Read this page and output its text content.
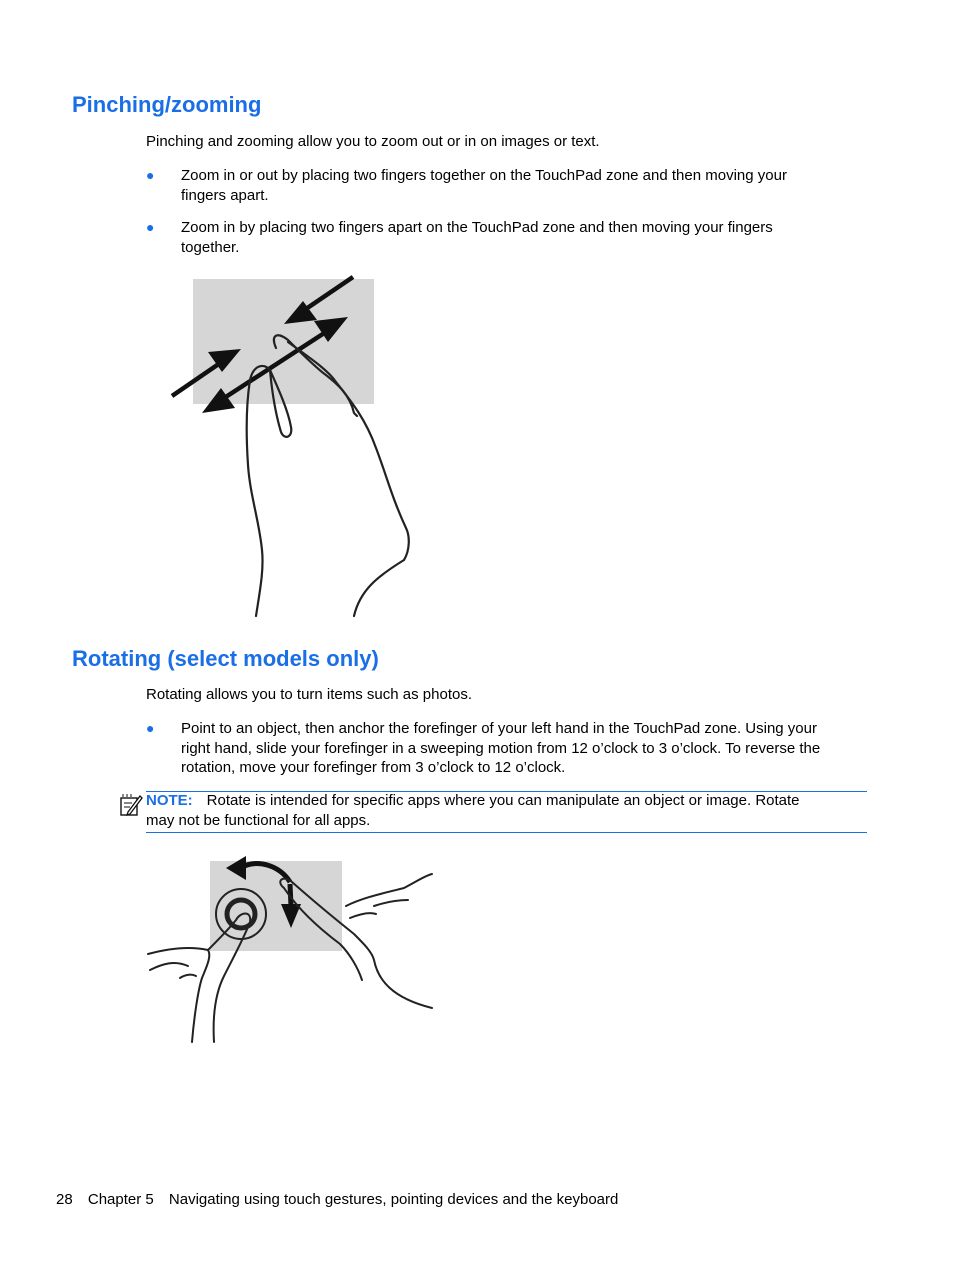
Pinching/zooming

Pinching and zooming allow you to zoom out or in on images or text.

● Zoom in or out by placing two fingers together on the TouchPad zone and then moving your
fingers apart.
● Zoom in by placing two fingers apart on the TouchPad zone and then moving your fingers
together.
Rotating (select models only)

Rotating allows you to turn items such as photos.

● Point to an object, then anchor the forefinger of your left hand in the TouchPad zone. Using your
right hand, slide your forefinger in a sweeping motion from 12 o’clock to 3 o’clock. To reverse the
rotation, move your forefinger from 3 o’clock to 12 o’clock.
NOTE: Rotate is intended for specific apps where you can manipulate an object or image. Rotate
may not be functional for all apps.
28 Chapter 5 Navigating using touch gestures, pointing devices and the keyboard
